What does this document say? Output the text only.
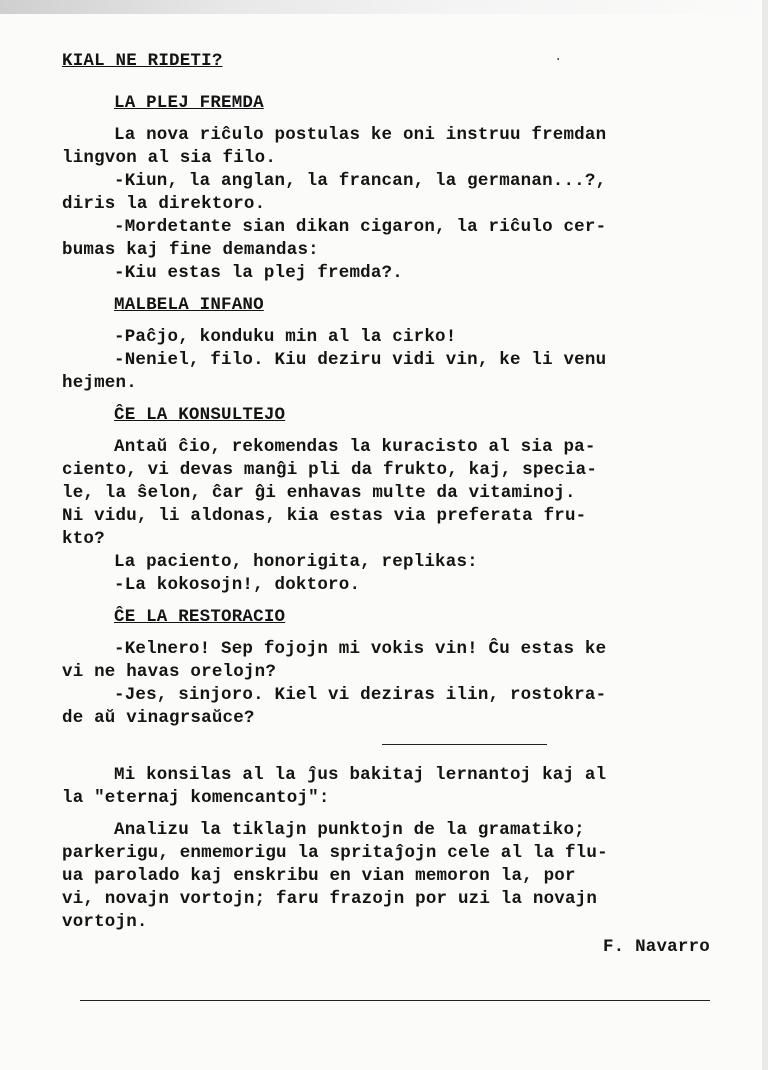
·
KIAL NE RIDETI?
LA PLEJ FREMDA

La nova riĉulo postulas ke oni instruu fremdan

lingvon al sia filo.

-Kiun, la anglan, la francan, la germanan...?,

diris la direktoro.

-Mordetante sian dikan cigaron, la riĉulo cer-

bumas kaj fine demandas:

-Kiu estas la plej fremda?.

MALBELA INFANO

-Paĉjo, konduku min al la cirko!

-Neniel, filo. Kiu deziru vidi vin, ke li venu

hejmen.

ĈE LA KONSULTEJO

Antaŭ ĉio, rekomendas la kuracisto al sia pa-

ciento, vi devas manĝi pli da frukto, kaj, specia-

le, la ŝelon, ĉar ĝi enhavas multe da vitaminoj.

Ni vidu, li aldonas, kia estas via preferata fru-

kto?

La paciento, honorigita, replikas:

-La kokosojn!, doktoro.

ĈE LA RESTORACIO

-Kelnero! Sep fojojn mi vokis vin! Ĉu estas ke

vi ne havas orelojn?

-Jes, sinjoro. Kiel vi deziras ilin, rostokra-

de aŭ vinagrsaŭce?

Mi konsilas al la ĵus bakitaj lernantoj kaj al

la "eternaj komencantoj":

Analizu la tiklajn punktojn de la gramatiko;

parkerigu, enmemorigu la spritaĵojn cele al la flu-

ua parolado kaj enskribu en vian memoron la, por

vi, novajn vortojn; faru frazojn por uzi la novajn

vortojn.

F. Navarro
